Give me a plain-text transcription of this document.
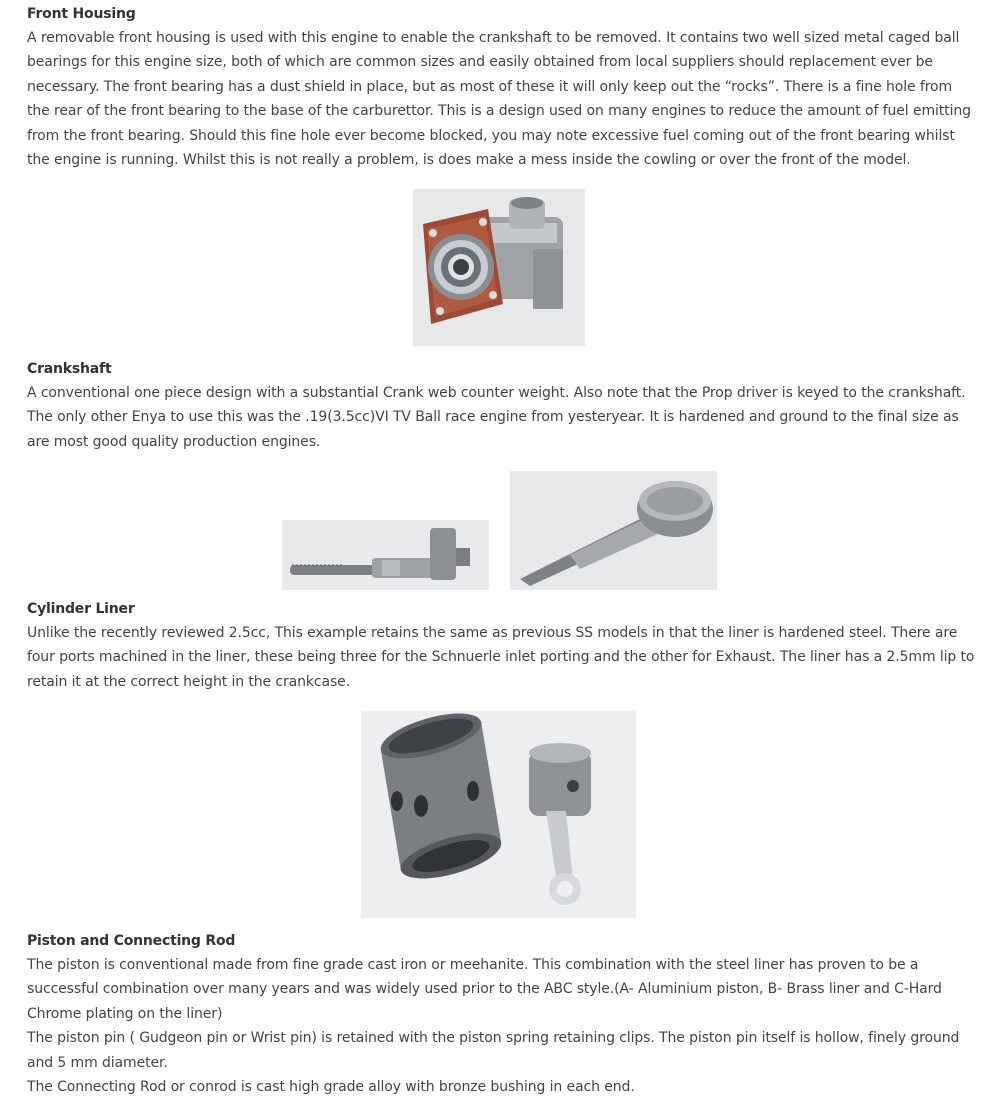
Front Housing

A removable front housing is used with this engine to enable the crankshaft to be removed. It contains two well sized metal caged ball bearings for this engine size, both of which are common sizes and easily obtained from local suppliers should replacement ever be necessary. The front bearing has a dust shield in place, but as most of these it will only keep out the “rocks”. There is a fine hole from the rear of the front bearing to the base of the carburettor. This is a design used on many engines to reduce the amount of fuel emitting from the front bearing. Should this fine hole ever become blocked, you may note excessive fuel coming out of the front bearing whilst the engine is running. Whilst this is not really a problem, is does make a mess inside the cowling or over the front of the model.

Crankshaft

A conventional one piece design with a substantial Crank web counter weight. Also note that the Prop driver is keyed to the crankshaft. The only other Enya to use this was the .19(3.5cc)VI TV Ball race engine from yesteryear. It is hardened and ground to the final size as are most good quality production engines.

Cylinder Liner

Unlike the recently reviewed 2.5cc, This example retains the same as previous SS models in that the liner is hardened steel. There are four ports machined in the liner, these being three for the Schnuerle inlet porting and the other for Exhaust. The liner has a 2.5mm lip to retain it at the correct height in the crankcase.

Piston and Connecting Rod

The piston is conventional made from fine grade cast iron or meehanite. This combination with the steel liner has proven to be a successful combination over many years and was widely used prior to the ABC style.(A- Aluminium piston, B- Brass liner and C-Hard Chrome plating on the liner)

The piston pin ( Gudgeon pin or Wrist pin) is retained with the piston spring retaining clips. The piston pin itself is hollow, finely ground and 5 mm diameter.

The Connecting Rod or conrod is cast high grade alloy with bronze bushing in each end.
